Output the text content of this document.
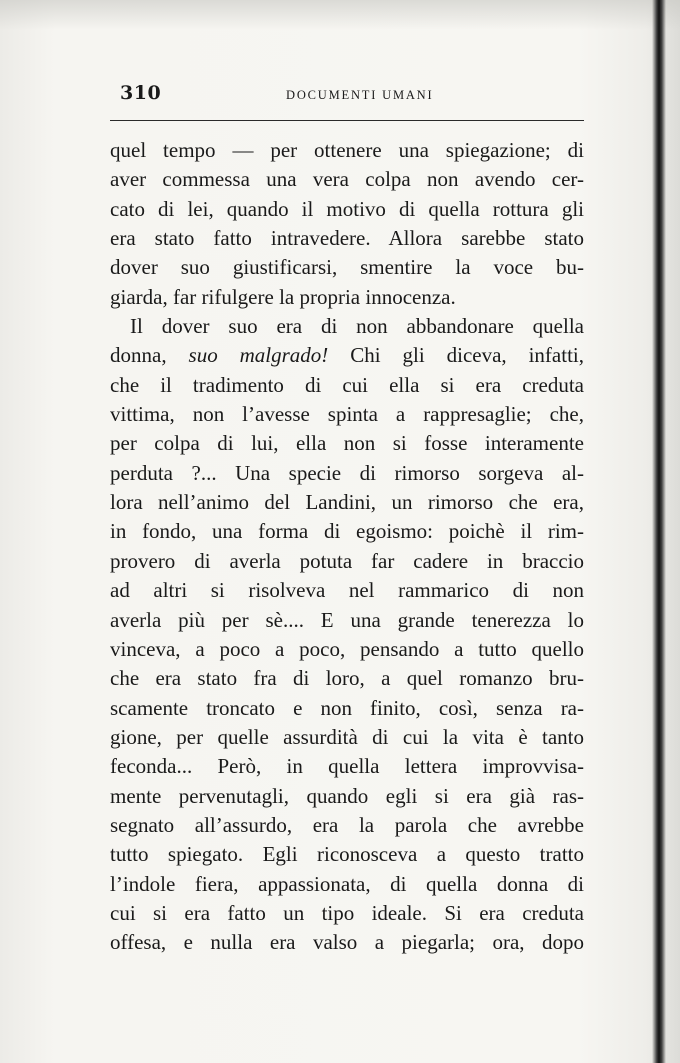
310	DOCUMENTI UMANI
quel tempo — per ottenere una spiegazione; di
aver commessa una vera colpa non avendo cer-
cato di lei, quando il motivo di quella rottura gli
era stato fatto intravedere. Allora sarebbe stato
dover suo giustificarsi, smentire la voce bu-
giarda, far rifulgere la propria innocenza.
Il dover suo era di non abbandonare quella
donna, suo malgrado! Chi gli diceva, infatti,
che il tradimento di cui ella si era creduta
vittima, non l’avesse spinta a rappresaglie; che,
per colpa di lui, ella non si fosse interamente
perduta ?... Una specie di rimorso sorgeva al-
lora nell’animo del Landini, un rimorso che era,
in fondo, una forma di egoismo: poichè il rim-
provero di averla potuta far cadere in braccio
ad altri si risolveva nel rammarico di non
averla più per sè.... E una grande tenerezza lo
vinceva, a poco a poco, pensando a tutto quello
che era stato fra di loro, a quel romanzo bru-
scamente troncato e non finito, così, senza ra-
gione, per quelle assurdità di cui la vita è tanto
feconda... Però, in quella lettera improvvisa-
mente pervenutagli, quando egli si era già ras-
segnato all’assurdo, era la parola che avrebbe
tutto spiegato. Egli riconosceva a questo tratto
l’indole fiera, appassionata, di quella donna di
cui si era fatto un tipo ideale. Si era creduta
offesa, e nulla era valso a piegarla; ora, dopo
